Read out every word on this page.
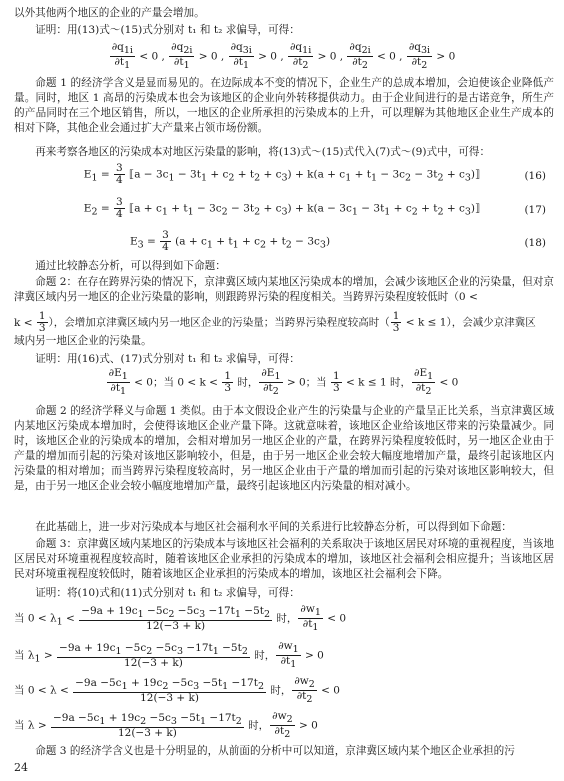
以外其他两个地区的企业的产量会增加。

证明：用(13)式～(15)式分别对 t₁ 和 t₂ 求偏导，可得：

$\frac{\partial q_{1i}}{\partial t_1} < 0$ , $\frac{\partial q_{2i}}{\partial t_1} > 0$ , $\frac{\partial q_{3i}}{\partial t_1} > 0$ , $\frac{\partial q_{1i}}{\partial t_2} > 0$ , $\frac{\partial q_{2i}}{\partial t_2} < 0$ , $\frac{\partial q_{3i}}{\partial t_2} > 0$

命题 1 的经济学含义是显而易见的。在边际成本不变的情况下，企业生产的总成本增加，会迫使该企业降低产量。同时，地区 1 高昂的污染成本也会为该地区的企业向外转移提供动力。由于企业间进行的是古诺竞争，所生产的产品同时在三个地区销售，所以，一地区的企业所承担的污染成本的上升，可以理解为其他地区企业生产成本的相对下降，其他企业会通过扩大产量来占领市场份额。

再来考察各地区的污染成本对地区污染量的影响，将(13)式～(15)式代入(7)式～(9)式中，可得：

$E_1 = \frac{3}{4}$ ⟦a − $3c_1 - 3t_1 + c_2 + t_2 + c_3) + k(a + c_1 + t_1 - 3c_2 - 3t_2$ + $c_3)⟧$	(16)
$E_2 = \frac{3}{4}$ ⟦a + $c_1 + t_1 - 3c_2 - 3t_2 + c_3) + k(a - 3c_1 - 3t_1 + c_2 + t_2$ + $c_3)⟧$	(17)
$E_3 = \frac{3}{4} (a + c_1 + t_1 + c_2 + t_2 - 3c_3)$	(18)

通过比较静态分析，可以得到如下命题：

命题 2：在存在跨界污染的情况下，京津冀区域内某地区污染成本的增加，会减少该地区企业的污染量，但对京津冀区域内另一地区的企业污染量的影响，则跟跨界污染的程度相关。当跨界污染程度较低时（0 <

$k < \frac{1}{3}$ ），会增加京津冀区域内另一地区企业的污染量；当跨界污染程度较高时（ $\frac{1}{3} < k \le 1$），会减少京津冀区

域内另一地区企业的污染量。

证明：用(16)式、(17)式分别对 t₁ 和 t₂ 求偏导，可得：

$\frac{\partial E_1}{\partial t_1} < 0$；当 $0 < k < \frac{1}{3}$ 时， $\frac{\partial E_1}{\partial t_2} > 0$；当 $\frac{1}{3} < k \le 1$ 时， $\frac{\partial E_1}{\partial t_2} < 0$

命题 2 的经济学释义与命题 1 类似。由于本文假设企业产生的污染量与企业的产量呈正比关系，当京津冀区域内某地区污染成本增加时，会使得该地区企业产量下降。这就意味着，该地区企业给该地区带来的污染量减少。同时，该地区企业的污染成本的增加，会相对增加另一地区企业的产量，在跨界污染程度较低时，另一地区企业由于产量的增加而引起的污染对该地区影响较小，但是，由于另一地区企业会较大幅度地增加产量，最终引起该地区内污染量的相对增加；而当跨界污染程度较高时，另一地区企业由于产量的增加而引起的污染对该地区影响较大，但是，由于另一地区企业会较小幅度地增加产量，最终引起该地区内污染量的相对减小。

在此基础上，进一步对污染成本与地区社会福利水平间的关系进行比较静态分析，可以得到如下命题：

命题 3：京津冀区域内某地区的污染成本与该地区社会福利的关系取决于该地区居民对环境的重视程度，当该地区居民对环境重视程度较高时，随着该地区企业承担的污染成本的增加，该地区社会福利会相应提升；当该地区居民对环境重视程度较低时，随着该地区企业承担的污染成本的增加，该地区社会福利会下降。

证明：将(10)式和(11)式分别对 t₁ 和 t₂ 求偏导，可得：

当 $0 < \lambda_1 < \frac{-9a + 19c_1 -5c_2 -5c_3 -17t_1 -5t_2}{12(-3 + k)}$ 时， $\frac{\partial w_1}{\partial t_1} < 0$
当 $\lambda_1 > \frac{-9a + 19c_1 -5c_2 -5c_3 -17t_1 -5t_2}{12(-3 + k)}$ 时， $\frac{\partial w_1}{\partial t_1} > 0$
当 $0 < \lambda < \frac{-9a -5c_1 + 19c_2 -5c_3 -5t_1 -17t_2}{12(-3 + k)}$ 时， $\frac{\partial w_2}{\partial t_2} < 0$
当 $\lambda > \frac{-9a -5c_1 + 19c_2 -5c_3 -5t_1 -17t_2}{12(-3 + k)}$ 时， $\frac{\partial w_2}{\partial t_2} > 0$

命题 3 的经济学含义也是十分明显的，从前面的分析中可以知道，京津冀区域内某个地区企业承担的污

24
